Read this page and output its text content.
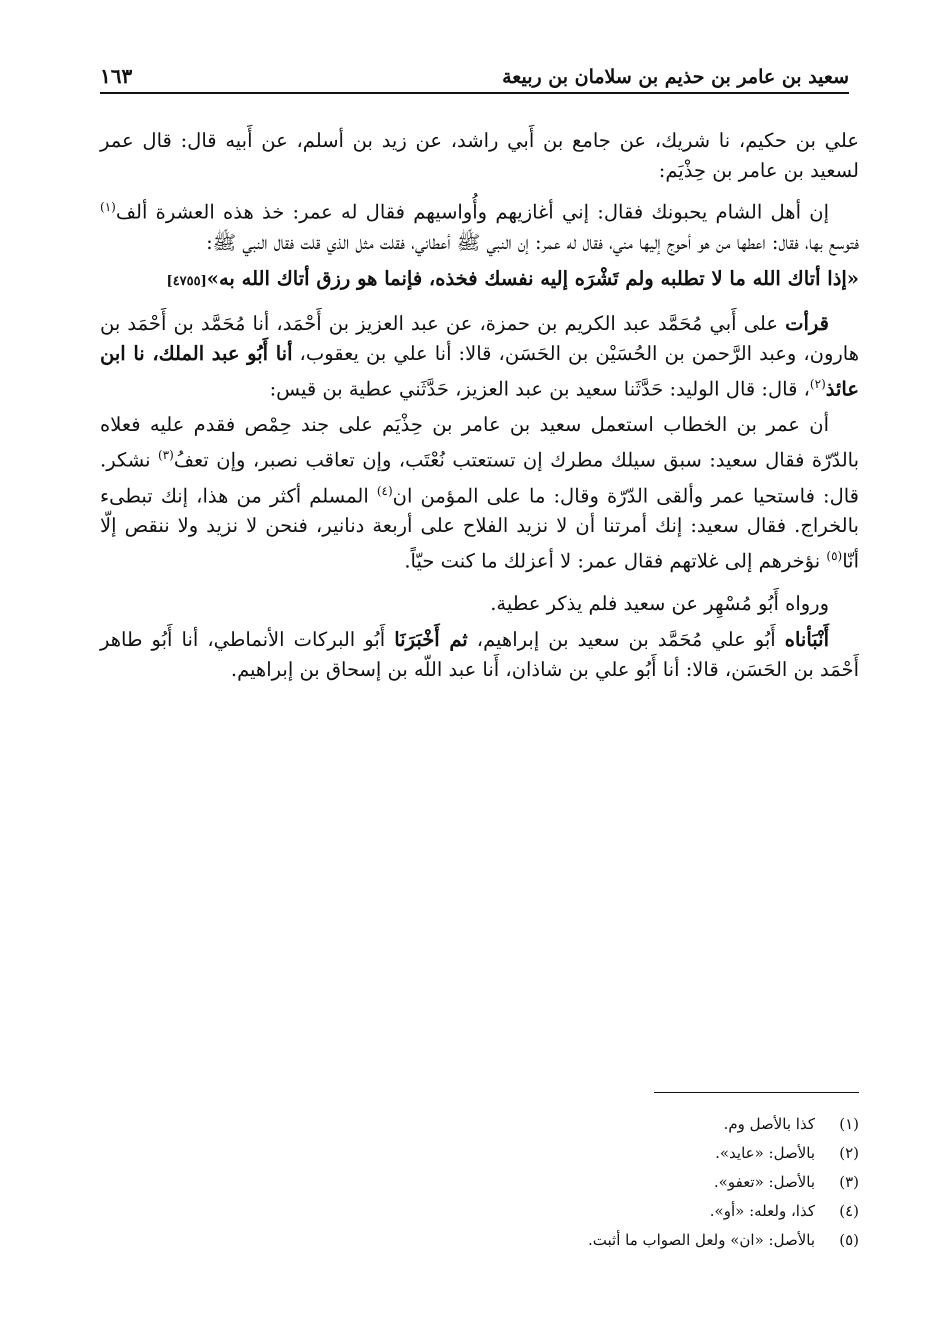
سعيد بن عامر بن حذيم بن سلامان بن ربيعة
١٦٣

علي بن حكيم، نا شريك، عن جامع بن أَبي راشد، عن زيد بن أسلم، عن أَبيه قال: قال عمر لسعيد بن عامر بن حِذْيَم:

إن أهل الشام يحبونك فقال: إني أغازيهم وأُواسيهم فقال له عمر: خذ هذه العشرة ألف$^{(١)}$ فتوسع بها، فقال: اعطها من هو أحوج إليها مني، فقال له عمر: إن النبي ﷺ أعطاني، فقلت مثل الذي قلت فقال النبي ﷺ:

«إذا أتاك الله ما لا تطلبه ولم تَشْرَه إليه نفسك فخذه، فإنما هو رزق أتاك الله به»[٤٧٥٥]

قرأت على أَبي مُحَمَّد عبد الكريم بن حمزة، عن عبد العزيز بن أَحْمَد، أنا مُحَمَّد بن أَحْمَد بن هارون، وعبد الرَّحمن بن الحُسَيْن بن الحَسَن، قالا: أنا علي بن يعقوب، أنا أَبُو عبد الملك، نا ابن عائذ$^{(٢)}$، قال: قال الوليد: حَدَّثَنا سعيد بن عبد العزيز، حَدَّثَني عطية بن قيس:

أن عمر بن الخطاب استعمل سعيد بن عامر بن حِذْيَم على جند حِمْص فقدم عليه فعلاه بالدّرّة فقال سعيد: سبق سيلك مطرك إن تستعتب نُعْتَب، وإن تعاقب نصبر، وإن تعفُ$^{(٣)}$ نشكر. قال: فاستحيا عمر وألقى الدّرّة وقال: ما على المؤمن ان$^{(٤)}$ المسلم أكثر من هذا، إنك تبطىء بالخراج. فقال سعيد: إنك أمرتنا أن لا نزيد الفلاح على أربعة دنانير، فنحن لا نزيد ولا ننقص إلّا أنّا$^{(٥)}$ نؤخرهم إلى غلاتهم فقال عمر: لا أعزلك ما كنت حيّاً.

ورواه أَبُو مُسْهِر عن سعيد فلم يذكر عطية.

أَنْبَأناه أَبُو علي مُحَمَّد بن سعيد بن إبراهيم، ثم أَخْبَرَنَا أَبُو البركات الأنماطي، أنا أَبُو طاهر أَحْمَد بن الحَسَن، قالا: أنا أَبُو علي بن شاذان، أَنا عبد اللّه بن إسحاق بن إبراهيم.

(١)
كذا بالأصل وم.
(٢)
بالأصل: «عايد».
(٣)
بالأصل: «تعفو».
(٤)
كذا، ولعله: «أو».
(٥)
بالأصل: «ان» ولعل الصواب ما أثبت.
